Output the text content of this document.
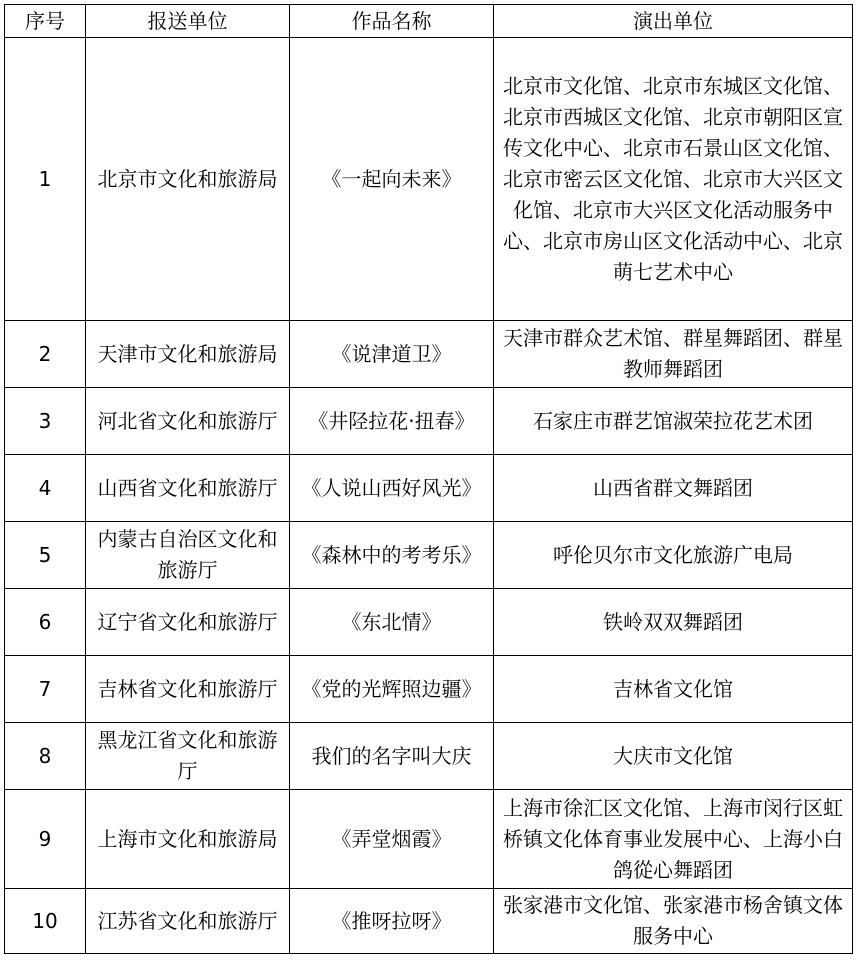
序号	报送单位	作品名称	演出单位
1	北京市文化和旅游局	《一起向未来》	北京市文化馆、北京市东城区文化馆、北京市西城区文化馆、北京市朝阳区宣传文化中心、北京市石景山区文化馆、北京市密云区文化馆、北京市大兴区文化馆、北京市大兴区文化活动服务中心、北京市房山区文化活动中心、北京萌七艺术中心
2	天津市文化和旅游局	《说津道卫》	天津市群众艺术馆、群星舞蹈团、群星教师舞蹈团
3	河北省文化和旅游厅	《井陉拉花·扭春》	石家庄市群艺馆淑荣拉花艺术团
4	山西省文化和旅游厅	《人说山西好风光》	山西省群文舞蹈团
5	内蒙古自治区文化和旅游厅	《森林中的考考乐》	呼伦贝尔市文化旅游广电局
6	辽宁省文化和旅游厅	《东北情》	铁岭双双舞蹈团
7	吉林省文化和旅游厅	《党的光辉照边疆》	吉林省文化馆
8	黑龙江省文化和旅游厅	我们的名字叫大庆	大庆市文化馆
9	上海市文化和旅游局	《弄堂烟霞》	上海市徐汇区文化馆、上海市闵行区虹桥镇文化体育事业发展中心、上海小白鸽從心舞蹈团
10	江苏省文化和旅游厅	《推呀拉呀》	张家港市文化馆、张家港市杨舍镇文体服务中心
